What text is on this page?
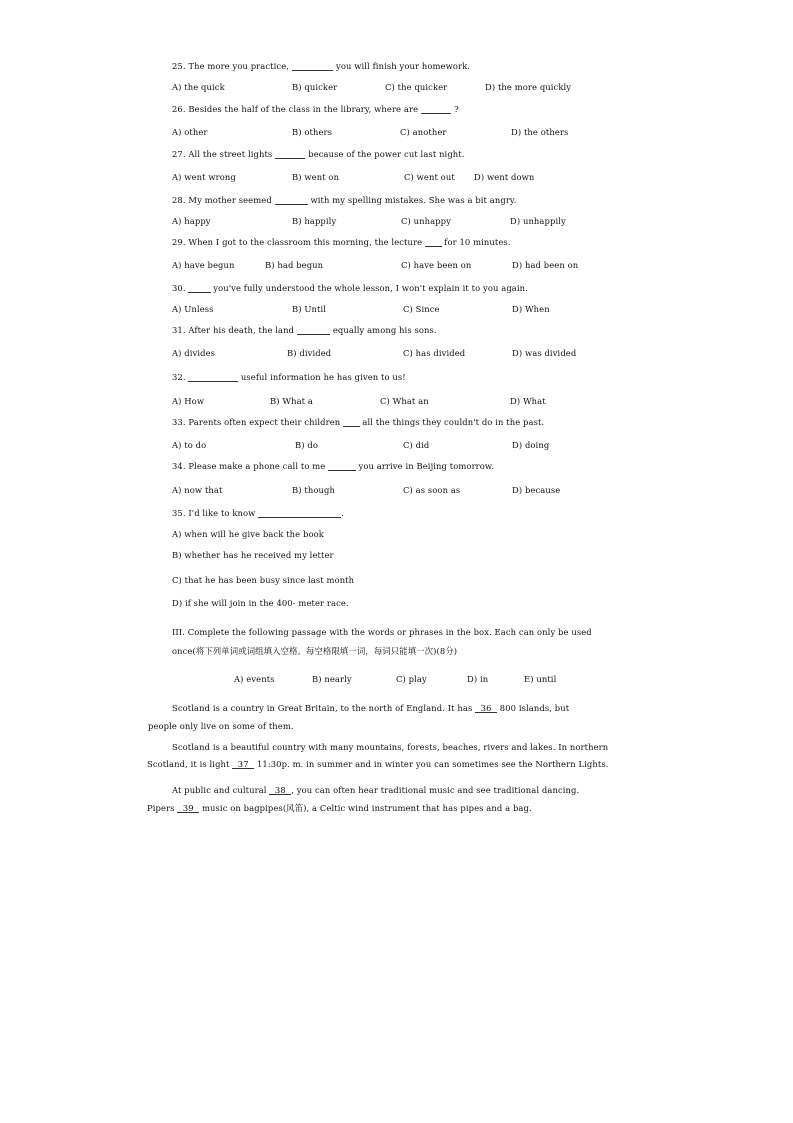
25. The more you practice,	you will finish your homework.
A) the quick	B) quicker	C) the quicker	D) the more quickly
26. Besides the half of the class in the library, where are	?
A) other	B) others	C) another	D) the others
27. All the street lights	because of the power cut last night.
A) went wrong	B) went on	C) went out D) went down
28. My mother seemed	with my spelling mistakes. She was a bit angry.
A) happy	B) happily	C) unhappy	D) unhappily
29. When I got to the classroom this morning, the lecture	for 10 minutes.
A) have begun	B) had begun	C) have been on	D) had been on
30.	you've fully understood the whole lesson, I won't explain it to you again.
A) Unless	B) Until	C) Since	D) When
31. After his death, the land	equally among his sons.
A) divides	B) divided	C) has divided	D) was divided
32.	useful information he has given to us!
A) How	B) What a	C) What an	D) What
33. Parents often expect their children	all the things they couldn't do in the past.
A) to do	B) do	C) did	D) doing
34. Please make a phone call to me	you arrive in Beijing tomorrow.
A) now that	B) though	C) as soon as	D) because
35. I'd like to know	.
A) when will he give back the book
B) whether has he received my letter
C) that he has been busy since last month
D) if she will join in the 400- meter race.
III. Complete the following passage with the words or phrases in the box. Each can only be used
once(将下列单词或词组填入空格。每空格限填一词，每词只能填一次)(8分)
A) events	B) nearly	C) play	D) in	E) until
Scotland is a country in Great Britain, to the north of England. It has   36   800 islands, but
people only live on some of them.
Scotland is a beautiful country with many mountains, forests, beaches, rivers and lakes. In northern
Scotland, it is light   37   11:30p. m. in summer and in winter you can sometimes see the Northern Lights.
At public and cultural   38  , you can often hear traditional music and see traditional dancing.
Pipers   39   music on bagpipes(风笛), a Celtic wind instrument that has pipes and a bag.
